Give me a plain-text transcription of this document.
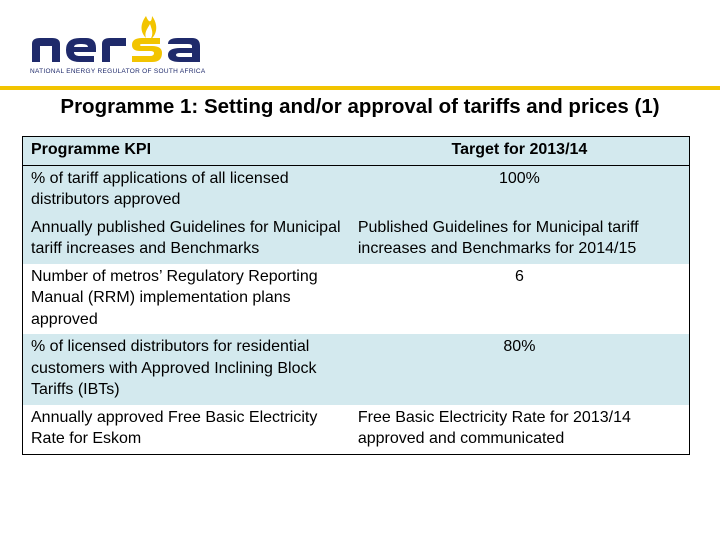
NATIONAL ENERGY REGULATOR OF SOUTH AFRICA
Programme 1: Setting and/or approval of tariffs and prices (1)
Programme KPI	Target for 2013/14
% of tariff applications of all licensed distributors approved	100%
Annually published Guidelines for Municipal tariff increases and Benchmarks	Published Guidelines for Municipal tariff increases and Benchmarks for 2014/15
Number of metros’ Regulatory Reporting Manual (RRM) implementation plans approved	6
% of licensed distributors for residential customers with Approved Inclining Block Tariffs (IBTs)	80%
Annually approved Free Basic Electricity Rate for Eskom	Free Basic Electricity Rate for 2013/14 approved and communicated
